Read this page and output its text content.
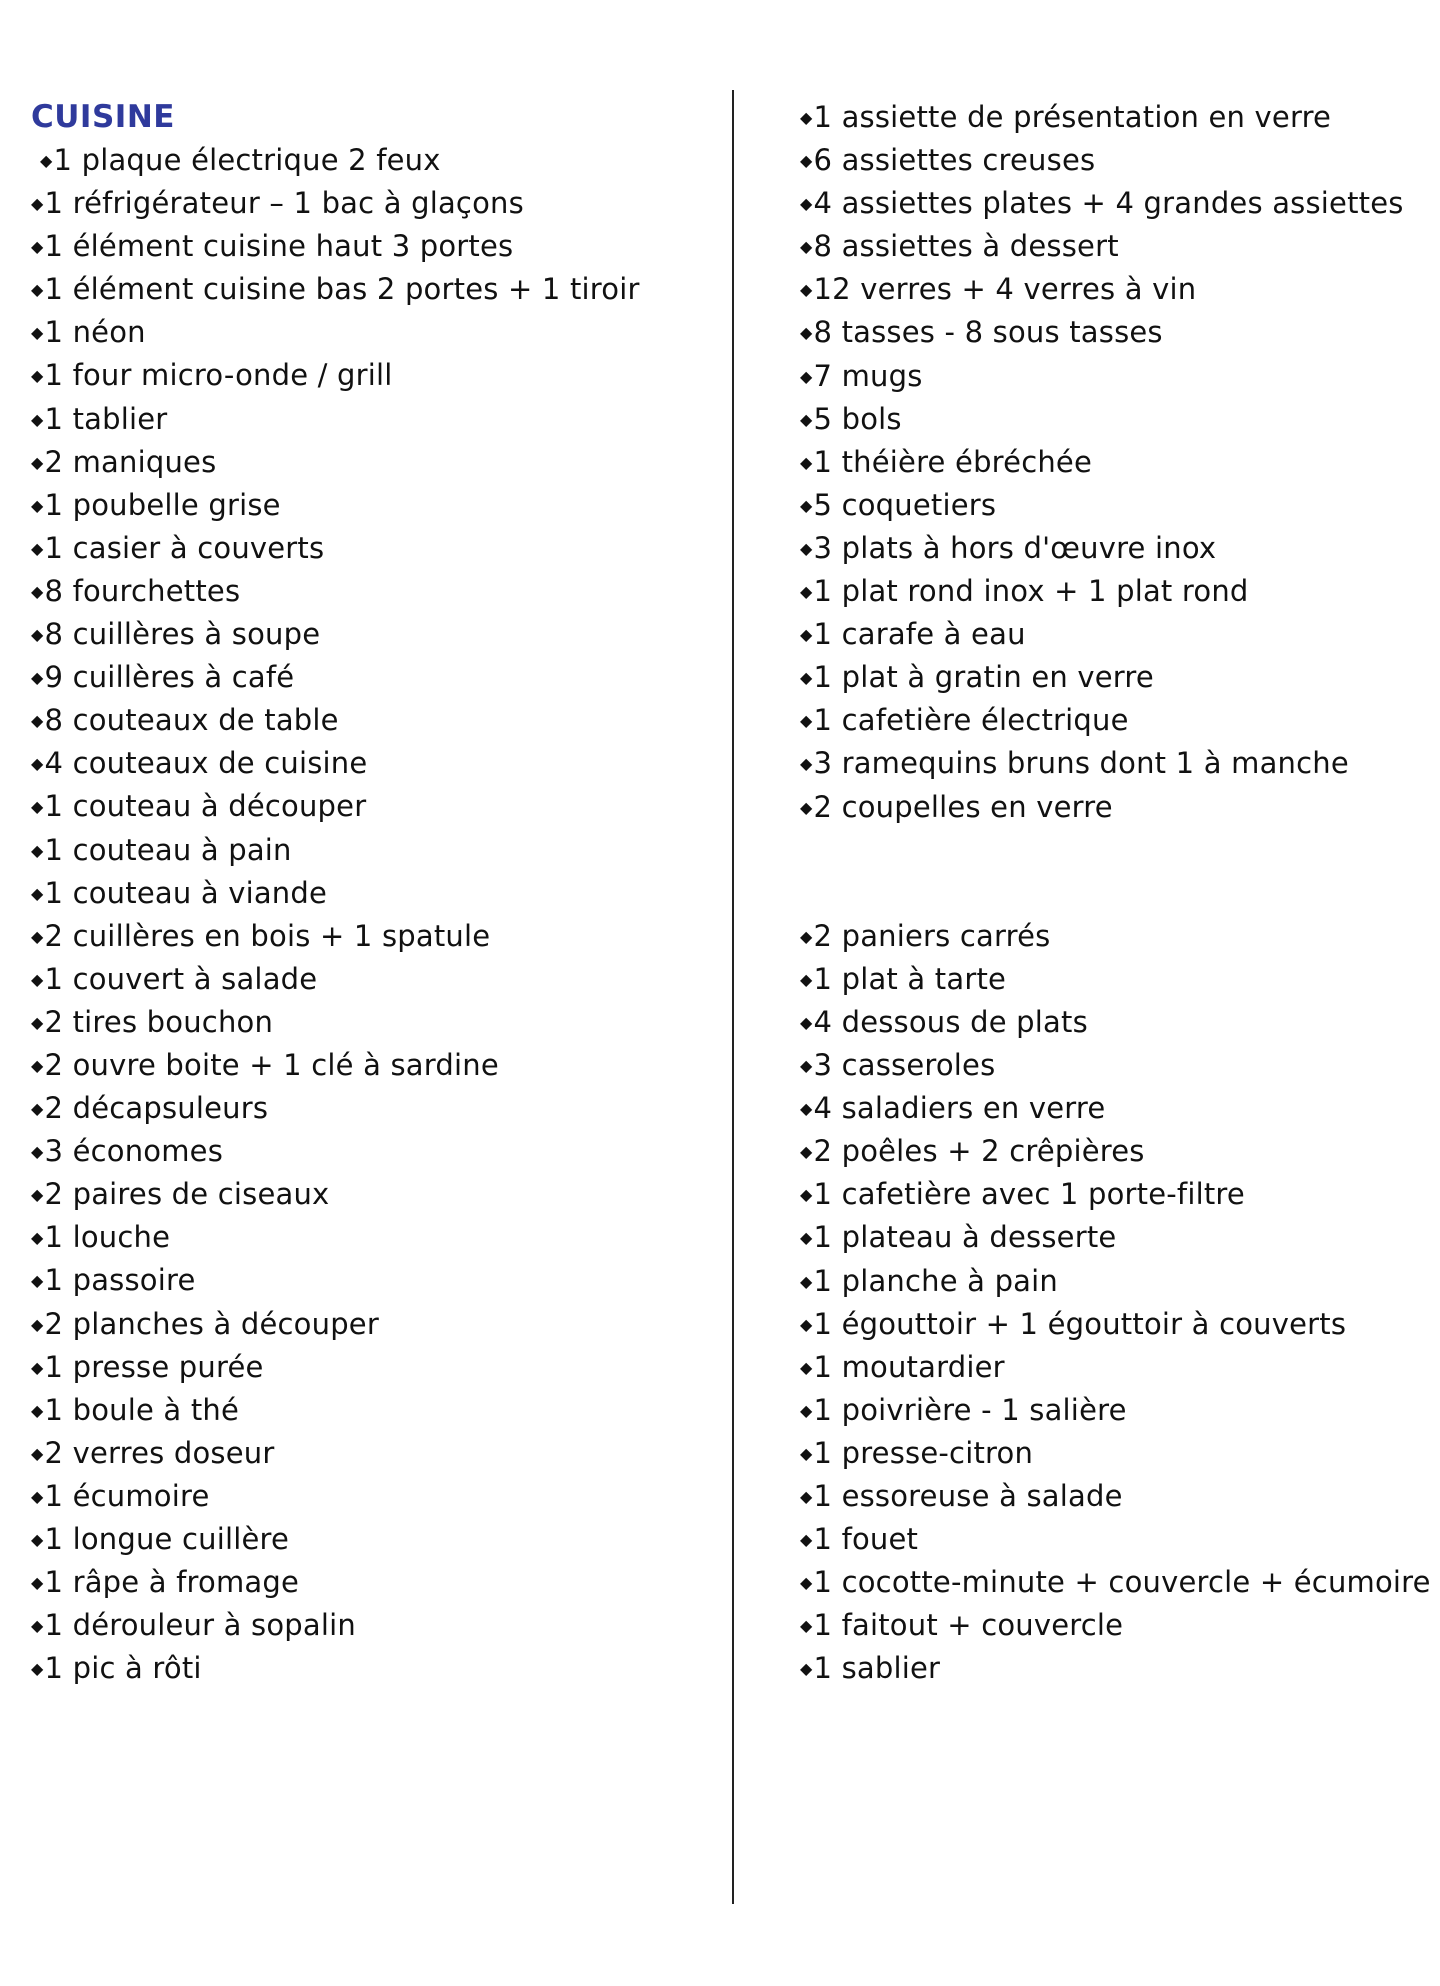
CUISINE
◆1 plaque électrique 2 feux
◆1 réfrigérateur – 1 bac à glaçons
◆1 élément cuisine haut 3 portes
◆1 élément cuisine bas 2 portes + 1 tiroir
◆1 néon
◆1 four micro-onde / grill
◆1 tablier
◆2 maniques
◆1 poubelle grise
◆1 casier à couverts
◆8 fourchettes
◆8 cuillères à soupe
◆9 cuillères à café
◆8 couteaux de table
◆4 couteaux de cuisine
◆1 couteau à découper
◆1 couteau à pain
◆1 couteau à viande
◆2 cuillères en bois + 1 spatule
◆1 couvert à salade
◆2 tires bouchon
◆2 ouvre boite + 1 clé à sardine
◆2 décapsuleurs
◆3 économes
◆2 paires de ciseaux
◆1 louche
◆1 passoire
◆2 planches à découper
◆1 presse purée
◆1 boule à thé
◆2 verres doseur
◆1 écumoire
◆1 longue cuillère
◆1 râpe à fromage
◆1 dérouleur à sopalin
◆1 pic à rôti
◆1 assiette de présentation en verre
◆6 assiettes creuses
◆4 assiettes plates + 4 grandes assiettes
◆8 assiettes à dessert
◆12 verres + 4 verres à vin
◆8 tasses - 8 sous tasses
◆7 mugs
◆5 bols
◆1 théière ébréchée
◆5 coquetiers
◆3 plats à hors d'œuvre inox
◆1 plat rond inox + 1 plat rond
◆1 carafe à eau
◆1 plat à gratin en verre
◆1 cafetière électrique
◆3 ramequins bruns dont 1 à manche
◆2 coupelles en verre
◆2 paniers carrés
◆1 plat à tarte
◆4 dessous de plats
◆3 casseroles
◆4 saladiers en verre
◆2 poêles + 2 crêpières
◆1 cafetière avec 1 porte-filtre
◆1 plateau à desserte
◆1 planche à pain
◆1 égouttoir + 1 égouttoir à couverts
◆1 moutardier
◆1 poivrière - 1 salière
◆1 presse-citron
◆1 essoreuse à salade
◆1 fouet
◆1 cocotte-minute + couvercle + écumoire
◆1 faitout + couvercle
◆1 sablier
